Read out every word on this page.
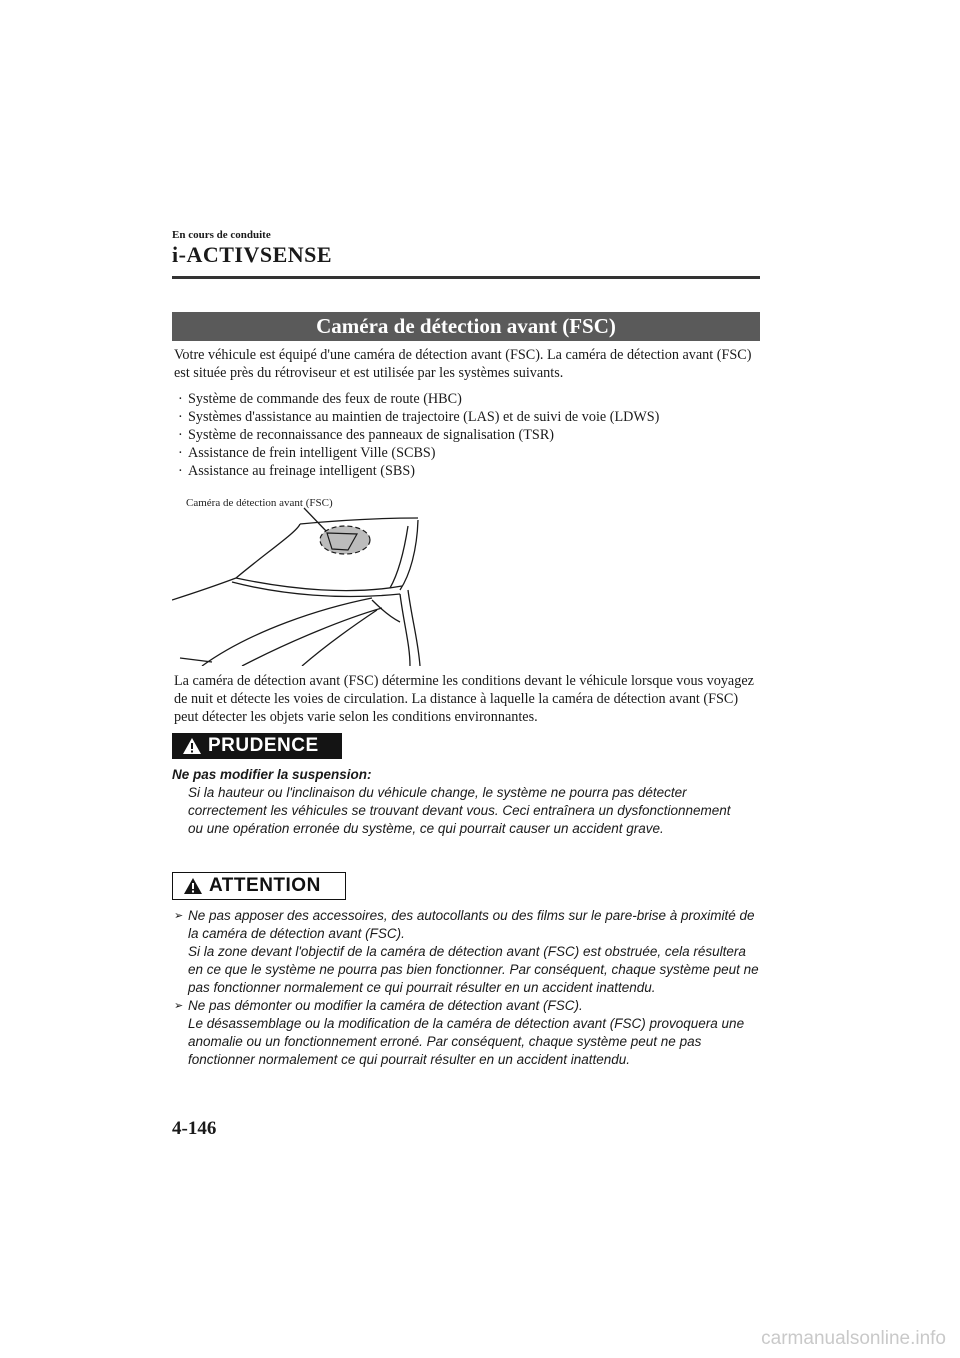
En cours de conduite
i-ACTIVSENSE
Caméra de détection avant (FSC)
Votre véhicule est équipé d'une caméra de détection avant (FSC). La caméra de détection avant (FSC) est située près du rétroviseur et est utilisée par les systèmes suivants.
· Système de commande des feux de route (HBC)
· Systèmes d'assistance au maintien de trajectoire (LAS) et de suivi de voie (LDWS)
· Système de reconnaissance des panneaux de signalisation (TSR)
· Assistance de frein intelligent Ville (SCBS)
· Assistance au freinage intelligent (SBS)
Caméra de détection avant (FSC)
La caméra de détection avant (FSC) détermine les conditions devant le véhicule lorsque vous voyagez de nuit et détecte les voies de circulation. La distance à laquelle la caméra de détection avant (FSC) peut détecter les objets varie selon les conditions environnantes.
PRUDENCE
Ne pas modifier la suspension:
Si la hauteur ou l'inclinaison du véhicule change, le système ne pourra pas détecter correctement les véhicules se trouvant devant vous. Ceci entraînera un dysfonctionnement ou une opération erronée du système, ce qui pourrait causer un accident grave.
ATTENTION
➢ Ne pas apposer des accessoires, des autocollants ou des films sur le pare-brise à proximité de la caméra de détection avant (FSC).

Si la zone devant l'objectif de la caméra de détection avant (FSC) est obstruée, cela résultera en ce que le système ne pourra pas bien fonctionner. Par conséquent, chaque système peut ne pas fonctionner normalement ce qui pourrait résulter en un accident inattendu.

➢ Ne pas démonter ou modifier la caméra de détection avant (FSC).

Le désassemblage ou la modification de la caméra de détection avant (FSC) provoquera une anomalie ou un fonctionnement erroné. Par conséquent, chaque système peut ne pas fonctionner normalement ce qui pourrait résulter en un accident inattendu.

4-146
carmanualsonline.info
